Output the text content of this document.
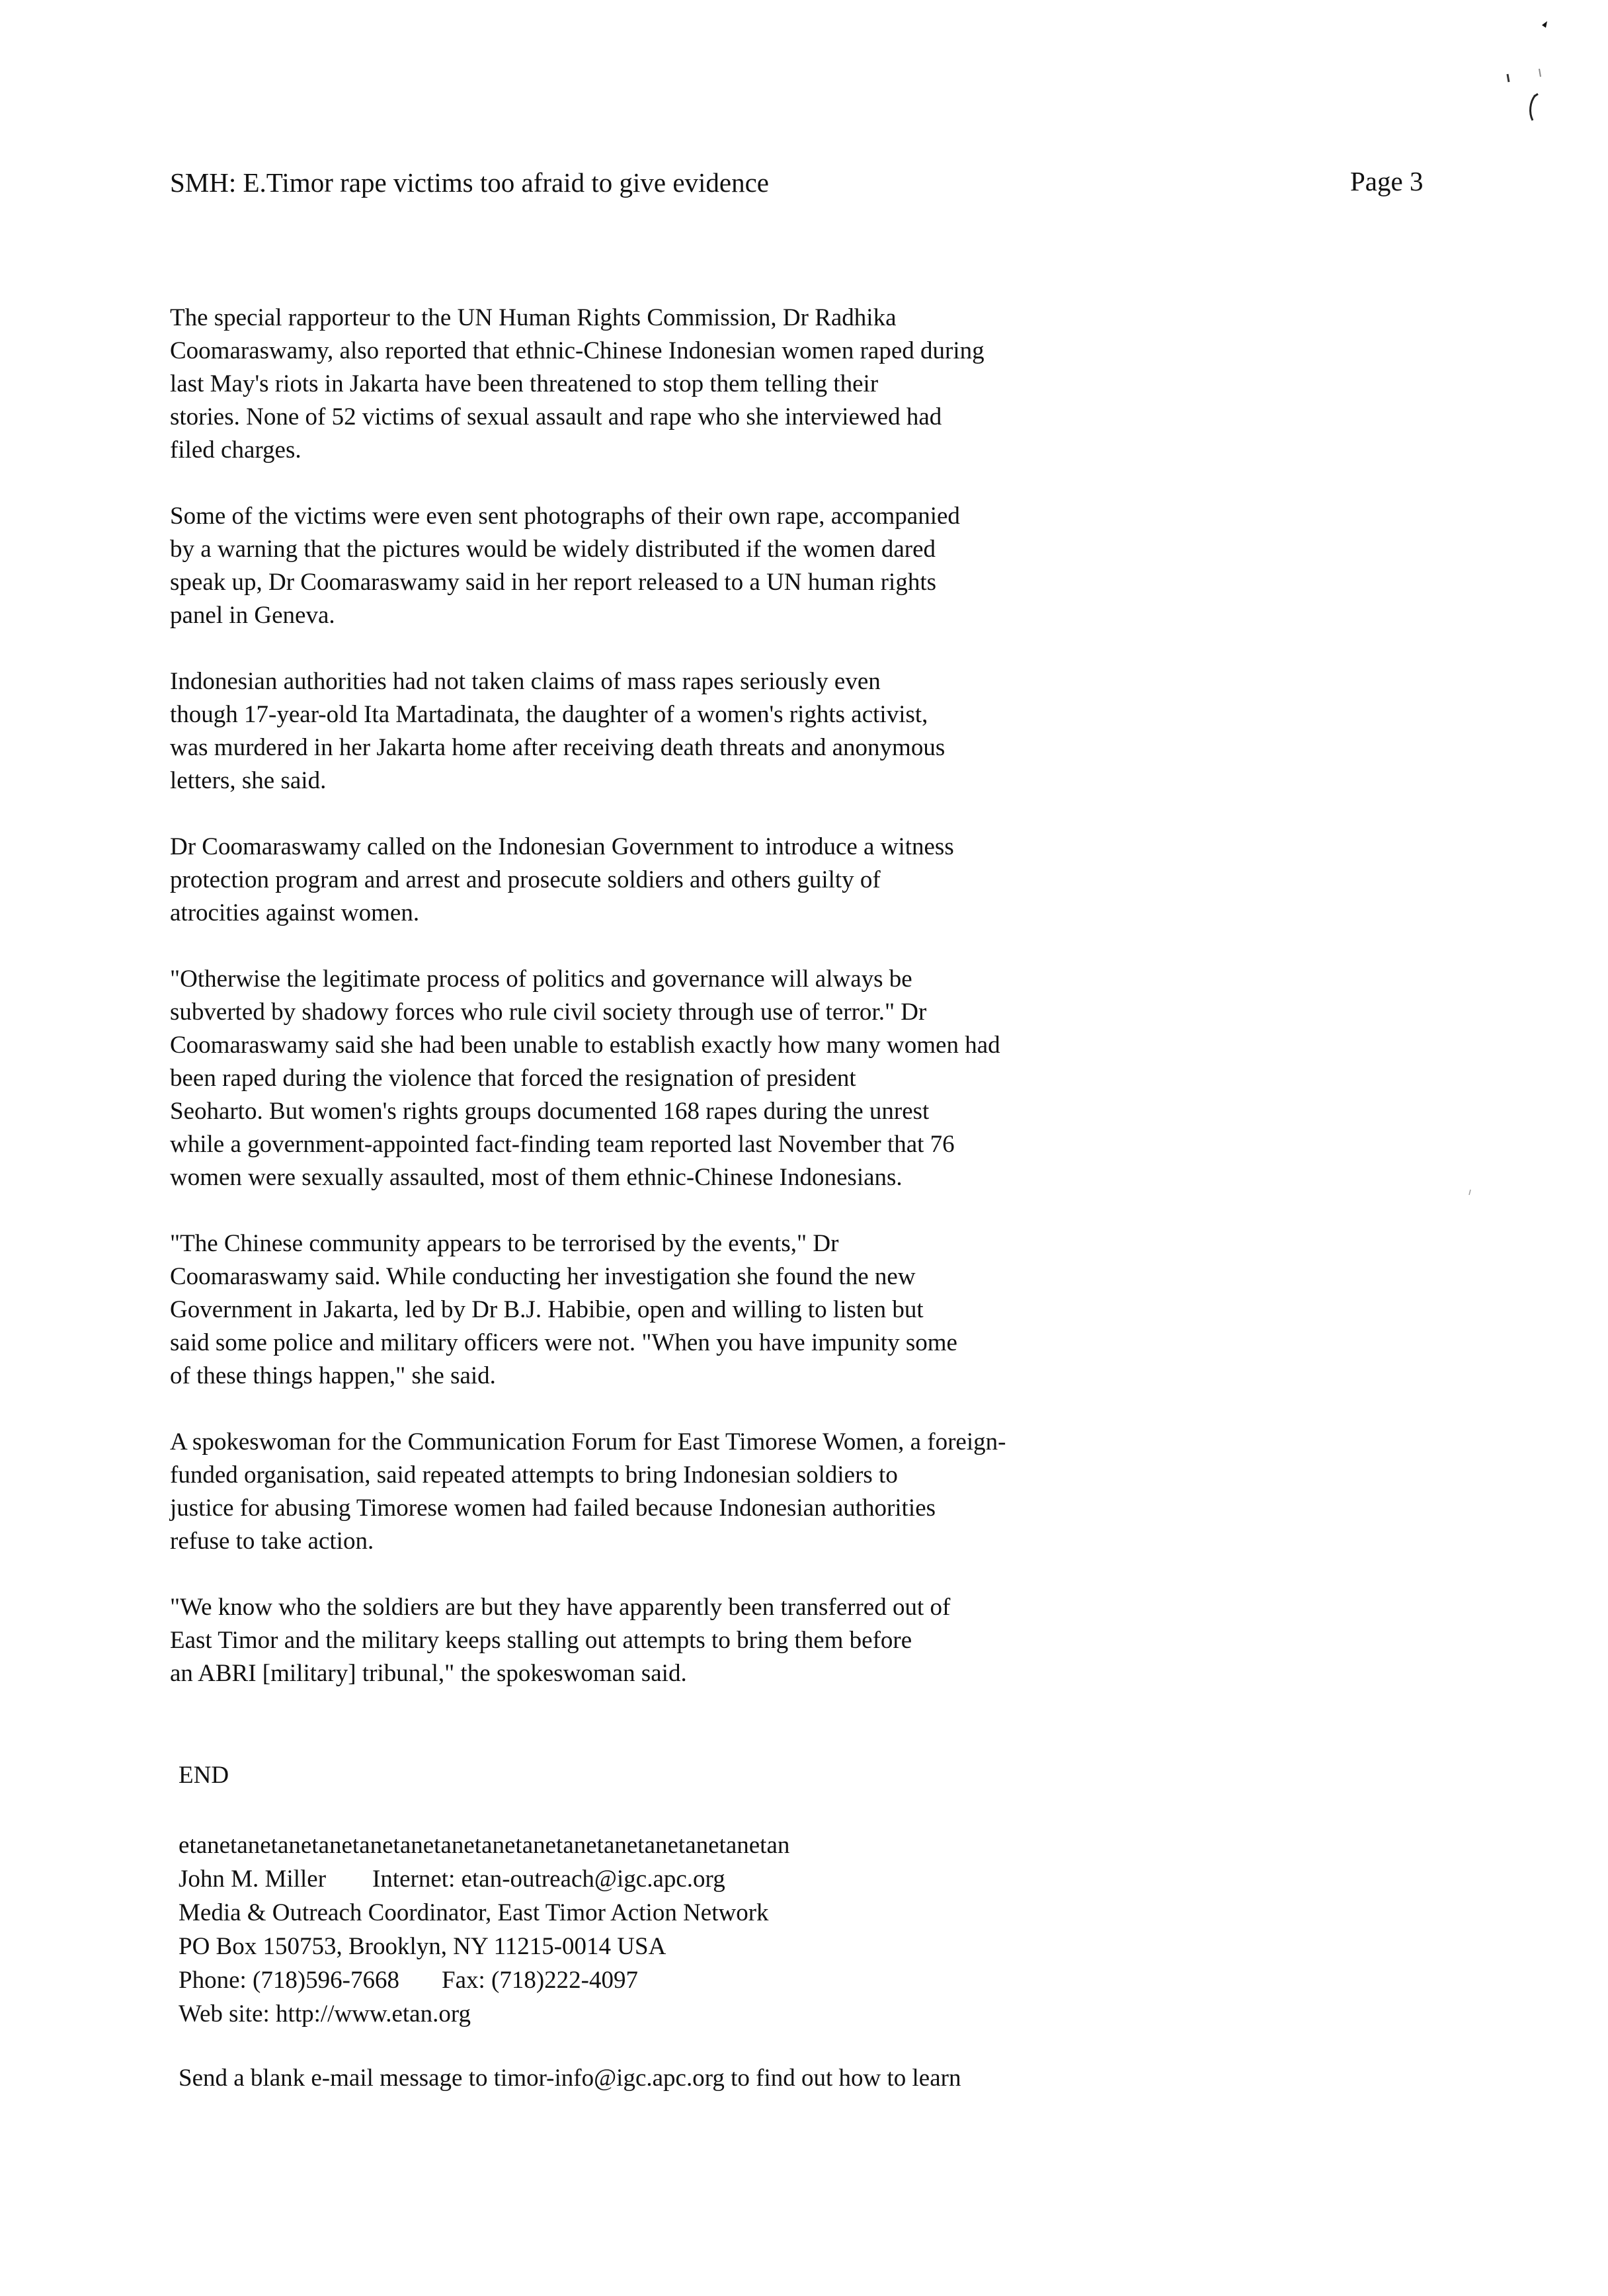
SMH: E.Timor rape victims too afraid to give evidence	Page 3

The special rapporteur to the UN Human Rights Commission, Dr Radhika
Coomaraswamy, also reported that ethnic-Chinese Indonesian women raped during
last May's riots in Jakarta have been threatened to stop them telling their
stories. None of 52 victims of sexual assault and rape who she interviewed had
filed charges.

Some of the victims were even sent photographs of their own rape, accompanied
by a warning that the pictures would be widely distributed if the women dared
speak up, Dr Coomaraswamy said in her report released to a UN human rights
panel in Geneva.

Indonesian authorities had not taken claims of mass rapes seriously even
though 17-year-old Ita Martadinata, the daughter of a women's rights activist,
was murdered in her Jakarta home after receiving death threats and anonymous
letters, she said.

Dr Coomaraswamy called on the Indonesian Government to introduce a witness
protection program and arrest and prosecute soldiers and others guilty of
atrocities against women.

"Otherwise the legitimate process of politics and governance will always be
subverted by shadowy forces who rule civil society through use of terror." Dr
Coomaraswamy said she had been unable to establish exactly how many women had
been raped during the violence that forced the resignation of president
Seoharto. But women's rights groups documented 168 rapes during the unrest
while a government-appointed fact-finding team reported last November that 76
women were sexually assaulted, most of them ethnic-Chinese Indonesians.

"The Chinese community appears to be terrorised by the events," Dr
Coomaraswamy said. While conducting her investigation she found the new
Government in Jakarta, led by Dr B.J. Habibie, open and willing to listen but
said some police and military officers were not. "When you have impunity some
of these things happen," she said.

A spokeswoman for the Communication Forum for East Timorese Women, a foreign-
funded organisation, said repeated attempts to bring Indonesian soldiers to
justice for abusing Timorese women had failed because Indonesian authorities
refuse to take action.

"We know who the soldiers are but they have apparently been transferred out of
East Timor and the military keeps stalling out attempts to bring them before
an ABRI [military] tribunal," the spokeswoman said.

END
etanetanetanetanetanetanetanetanetanetanetanetanetanetanetan
John M. Miller Internet: etan-outreach@igc.apc.org
Media & Outreach Coordinator, East Timor Action Network
PO Box 150753, Brooklyn, NY 11215-0014 USA
Phone: (718)596-7668 Fax: (718)222-4097
Web site: http://www.etan.org
Send a blank e-mail message to timor-info@igc.apc.org to find out how to learn
